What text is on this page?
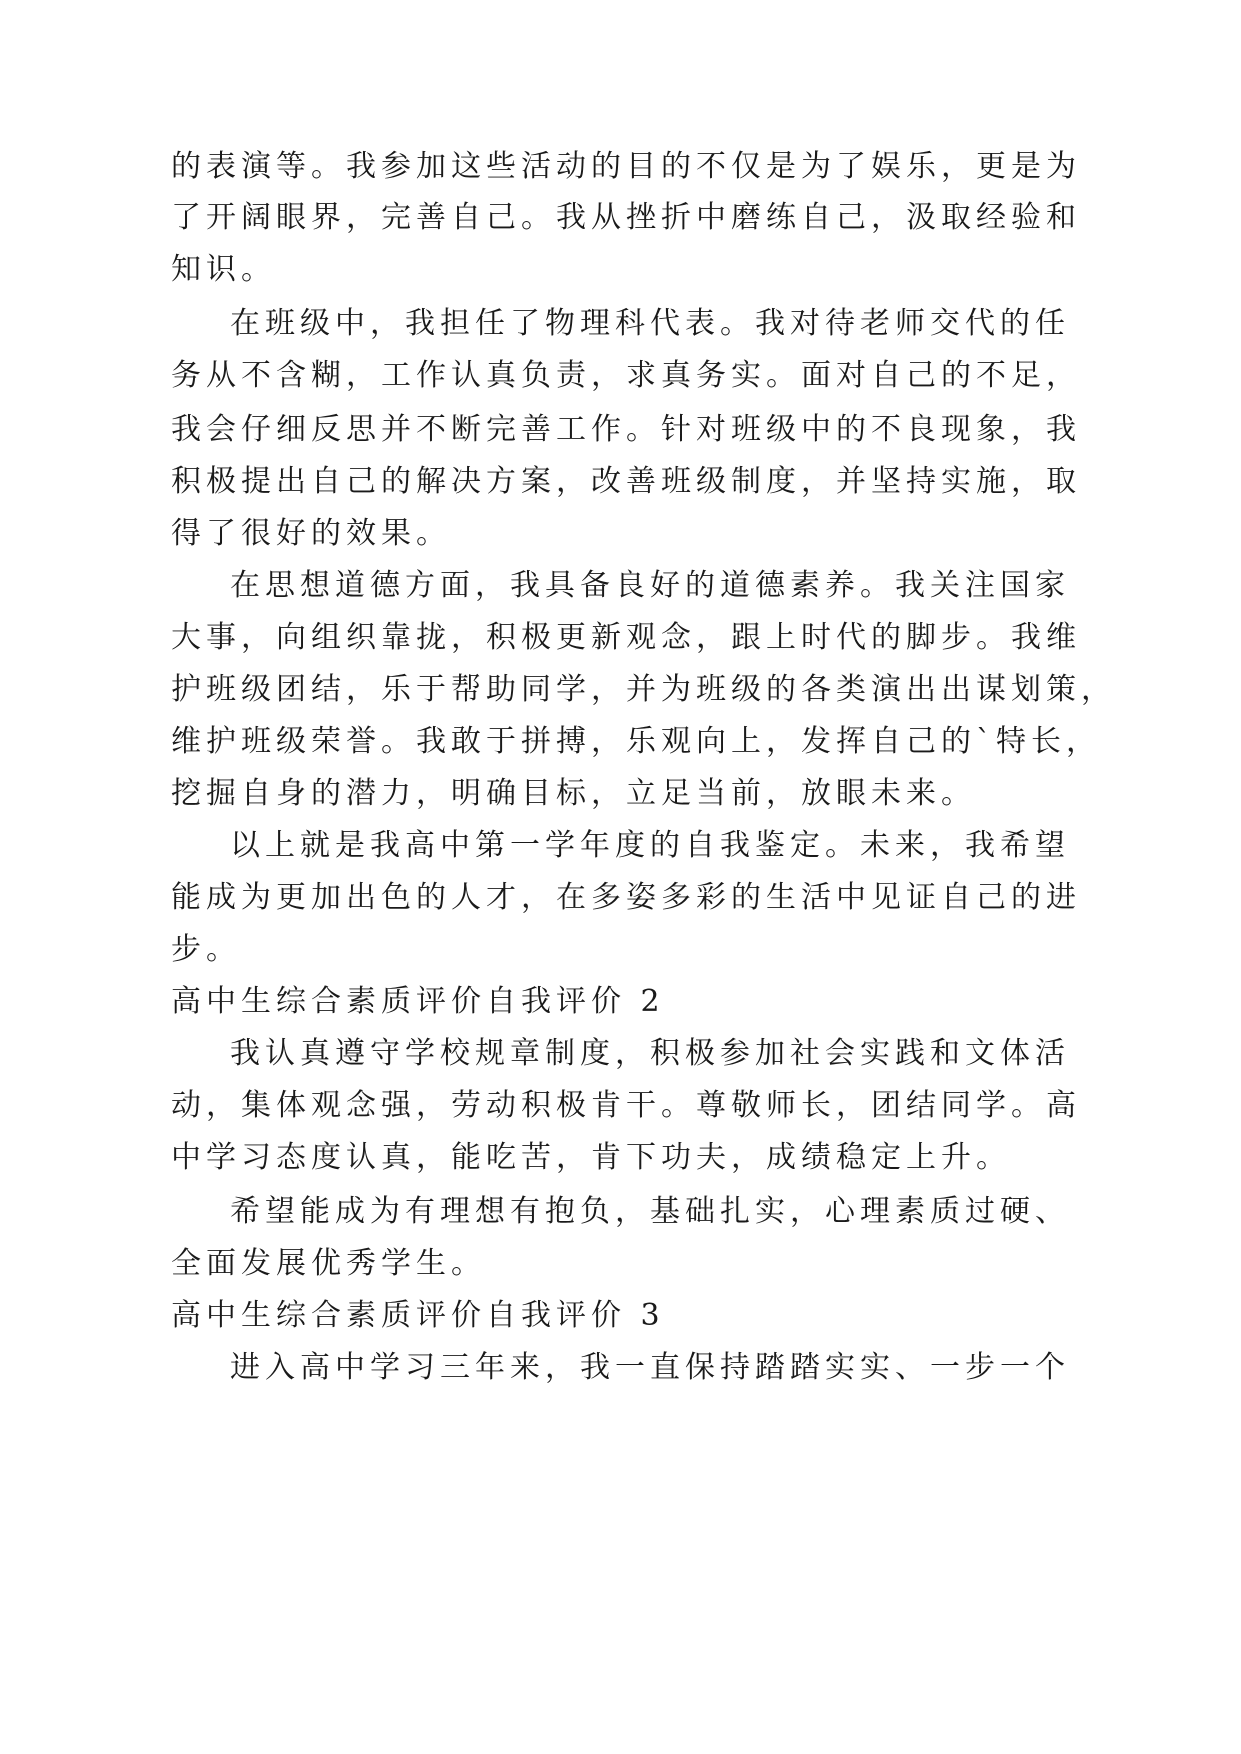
的表演等。我参加这些活动的目的不仅是为了娱乐，更是为
了开阔眼界，完善自己。我从挫折中磨练自己，汲取经验和
知识。
在班级中，我担任了物理科代表。我对待老师交代的任
务从不含糊，工作认真负责，求真务实。面对自己的不足，
我会仔细反思并不断完善工作。针对班级中的不良现象，我
积极提出自己的解决方案，改善班级制度，并坚持实施，取
得了很好的效果。
在思想道德方面，我具备良好的道德素养。我关注国家
大事，向组织靠拢，积极更新观念，跟上时代的脚步。我维
护班级团结，乐于帮助同学，并为班级的各类演出出谋划策，
维护班级荣誉。我敢于拼搏，乐观向上，发挥自己的`特长，
挖掘自身的潜力，明确目标，立足当前，放眼未来。
以上就是我高中第一学年度的自我鉴定。未来，我希望
能成为更加出色的人才，在多姿多彩的生活中见证自己的进
步。
高中生综合素质评价自我评价 2
我认真遵守学校规章制度，积极参加社会实践和文体活
动，集体观念强，劳动积极肯干。尊敬师长，团结同学。高
中学习态度认真，能吃苦，肯下功夫，成绩稳定上升。
希望能成为有理想有抱负，基础扎实，心理素质过硬、
全面发展优秀学生。
高中生综合素质评价自我评价 3
进入高中学习三年来，我一直保持踏踏实实、一步一个
